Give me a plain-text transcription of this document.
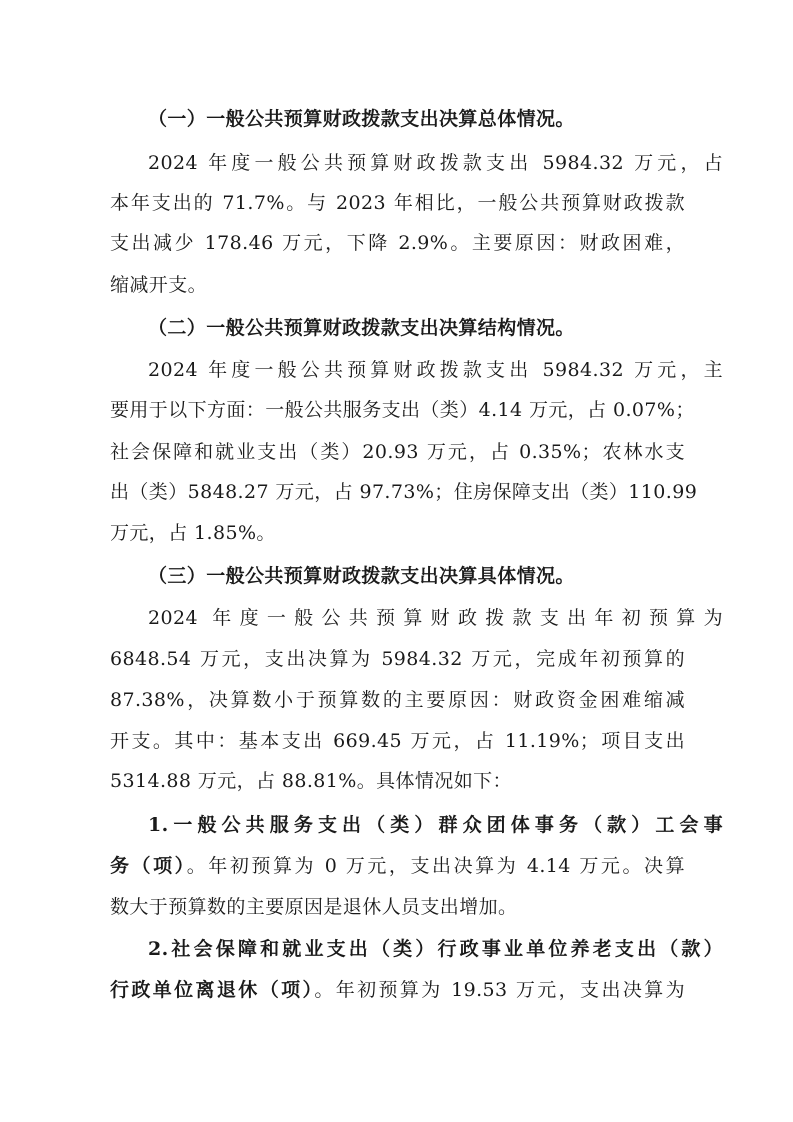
（一）一般公共预算财政拨款支出决算总体情况。
2024 年度一般公共预算财政拨款支出 5984.32 万元，占
本年支出的 71.7%。与 2023 年相比，一般公共预算财政拨款
支出减少 178.46 万元，下降 2.9%。主要原因：财政困难，
缩减开支。
（二）一般公共预算财政拨款支出决算结构情况。
2024 年度一般公共预算财政拨款支出 5984.32 万元，主
要用于以下方面：一般公共服务支出（类）4.14 万元，占 0.07%；
社会保障和就业支出（类）20.93 万元，占 0.35%；农林水支
出（类）5848.27 万元，占 97.73%；住房保障支出（类）110.99
万元，占 1.85%。
（三）一般公共预算财政拨款支出决算具体情况。
2024 年度一般公共预算财政拨款支出年初预算为
6848.54 万元，支出决算为 5984.32 万元，完成年初预算的
87.38%，决算数小于预算数的主要原因：财政资金困难缩减
开支。其中：基本支出 669.45 万元，占 11.19%；项目支出
5314.88 万元，占 88.81%。具体情况如下：
1.一般公共服务支出（类）群众团体事务（款）工会事
务（项）。年初预算为 0 万元，支出决算为 4.14 万元。决算
数大于预算数的主要原因是退休人员支出增加。
2.社会保障和就业支出（类）行政事业单位养老支出（款）
行政单位离退休（项）。年初预算为 19.53 万元，支出决算为
